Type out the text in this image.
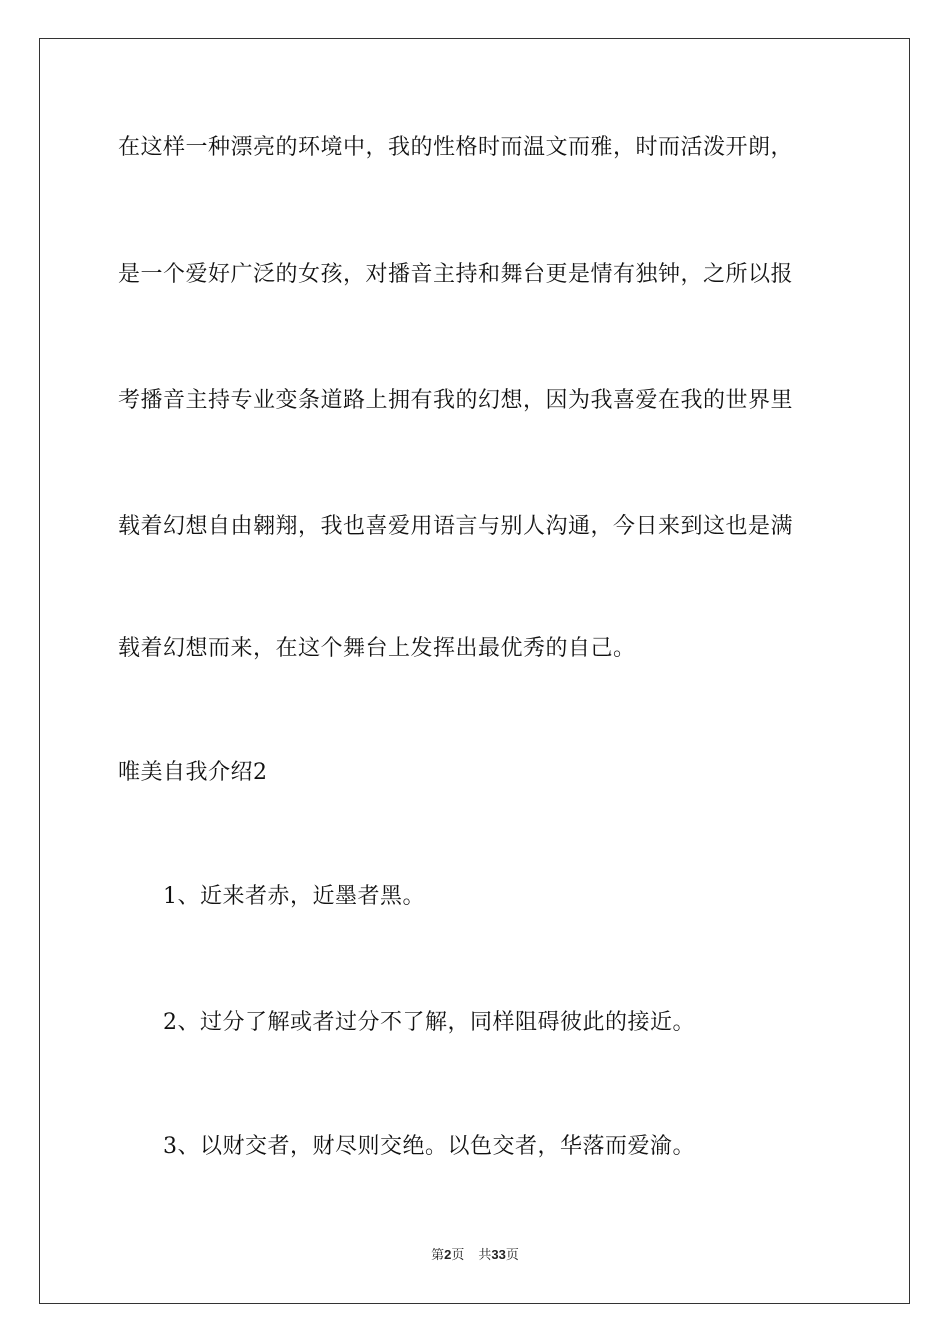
在这样一种漂亮的环境中，我的性格时而温文而雅，时而活泼开朗，
是一个爱好广泛的女孩，对播音主持和舞台更是情有独钟，之所以报
考播音主持专业变条道路上拥有我的幻想，因为我喜爱在我的世界里
载着幻想自由翱翔，我也喜爱用语言与别人沟通，今日来到这也是满
载着幻想而来，在这个舞台上发挥出最优秀的自己。
唯美自我介绍2
1、近来者赤，近墨者黑。
2、过分了解或者过分不了解，同样阻碍彼此的接近。
3、以财交者，财尽则交绝。以色交者，华落而爱渝。
第2页 共33页
